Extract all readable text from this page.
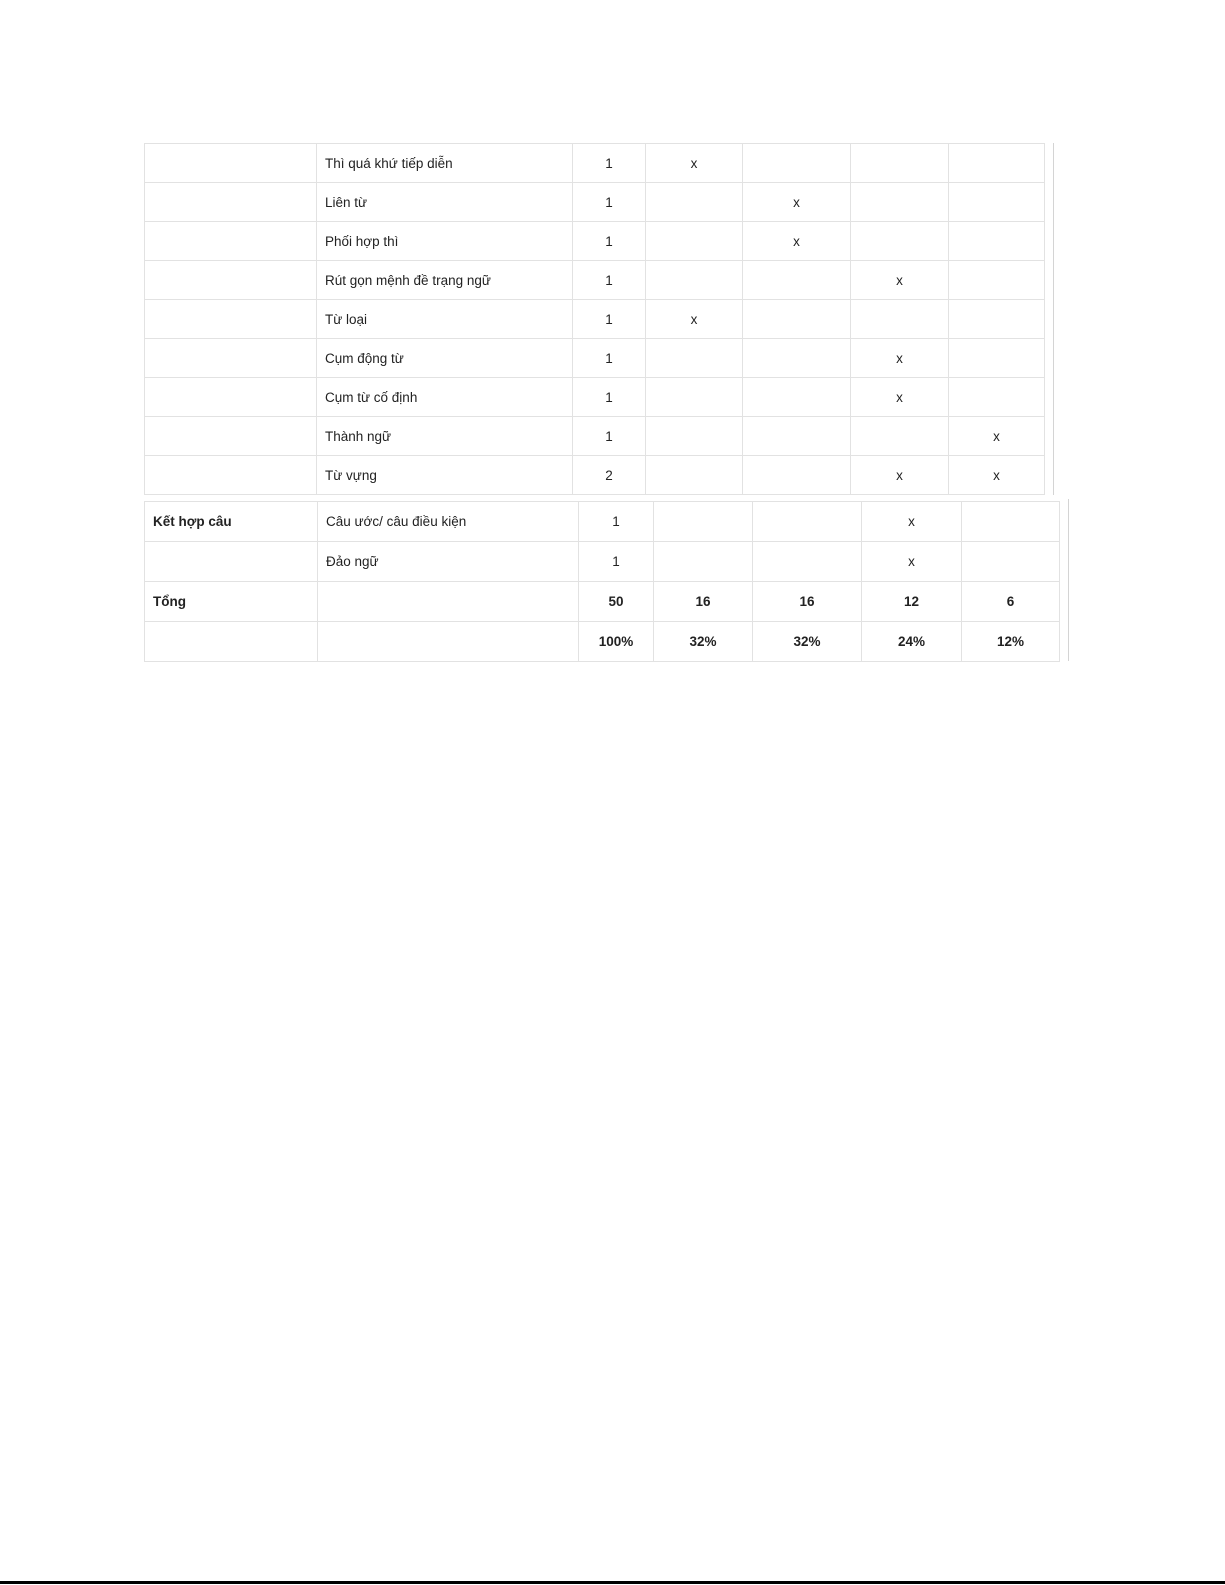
	Thì quá khứ tiếp diễn	1	x			
	Liên từ	1		x		
	Phối hợp thì	1		x		
	Rút gọn mệnh đề trạng ngữ	1			x	
	Từ loại	1	x			
	Cụm động từ	1			x	
	Cụm từ cố định	1			x	
	Thành ngữ	1				x
	Từ vựng	2			x	x
Kết hợp câu	Câu ước/ câu điều kiện	1			x	
	Đảo ngữ	1			x	
Tổng		50	16	16	12	6
		100%	32%	32%	24%	12%
